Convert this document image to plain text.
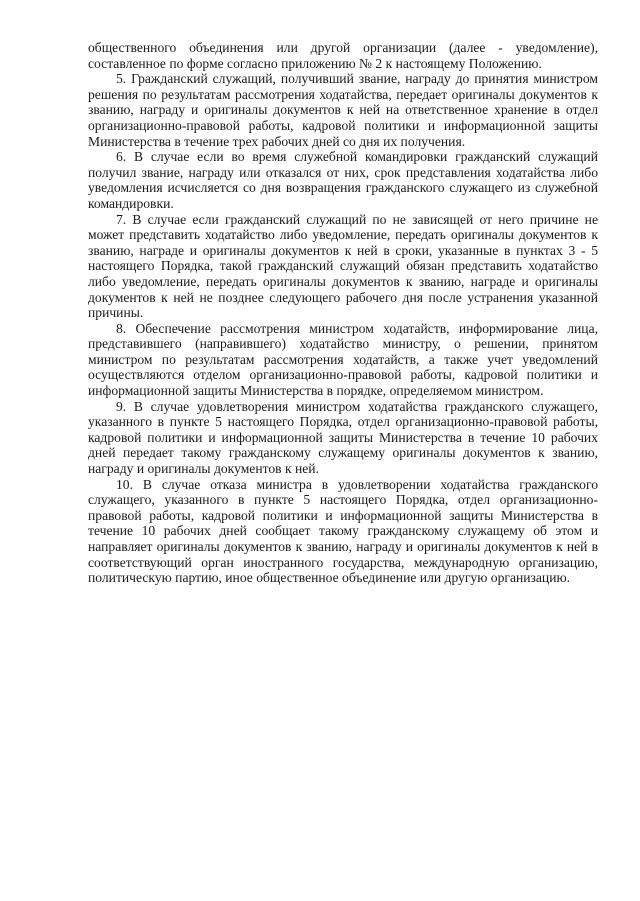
общественного объединения или другой организации (далее - уведомление), составленное по форме согласно приложению № 2 к настоящему Положению.

5. Гражданский служащий, получивший звание, награду до принятия министром решения по результатам рассмотрения ходатайства, передает оригиналы документов к званию, награду и оригиналы документов к ней на ответственное хранение в отдел организационно-правовой работы, кадровой политики и информационной защиты Министерства в течение трех рабочих дней со дня их получения.

6. В случае если во время служебной командировки гражданский служащий получил звание, награду или отказался от них, срок представления ходатайства либо уведомления исчисляется со дня возвращения гражданского служащего из служебной командировки.

7. В случае если гражданский служащий по не зависящей от него причине не может представить ходатайство либо уведомление, передать оригиналы документов к званию, награде и оригиналы документов к ней в сроки, указанные в пунктах 3 - 5 настоящего Порядка, такой гражданский служащий обязан представить ходатайство либо уведомление, передать оригиналы документов к званию, награде и оригиналы документов к ней не позднее следующего рабочего дня после устранения указанной причины.

8. Обеспечение рассмотрения министром ходатайств, информирование лица, представившего (направившего) ходатайство министру, о решении, принятом министром по результатам рассмотрения ходатайств, а также учет уведомлений осуществляются отделом организационно-правовой работы, кадровой политики и информационной защиты Министерства в порядке, определяемом министром.

9. В случае удовлетворения министром ходатайства гражданского служащего, указанного в пункте 5 настоящего Порядка, отдел организационно-правовой работы, кадровой политики и информационной защиты Министерства в течение 10 рабочих дней передает такому гражданскому служащему оригиналы документов к званию, награду и оригиналы документов к ней.

10. В случае отказа министра в удовлетворении ходатайства гражданского служащего, указанного в пункте 5 настоящего Порядка, отдел организационно-правовой работы, кадровой политики и информационной защиты Министерства в течение 10 рабочих дней сообщает такому гражданскому служащему об этом и направляет оригиналы документов к званию, награду и оригиналы документов к ней в соответствующий орган иностранного государства, международную организацию, политическую партию, иное общественное объединение или другую организацию.
